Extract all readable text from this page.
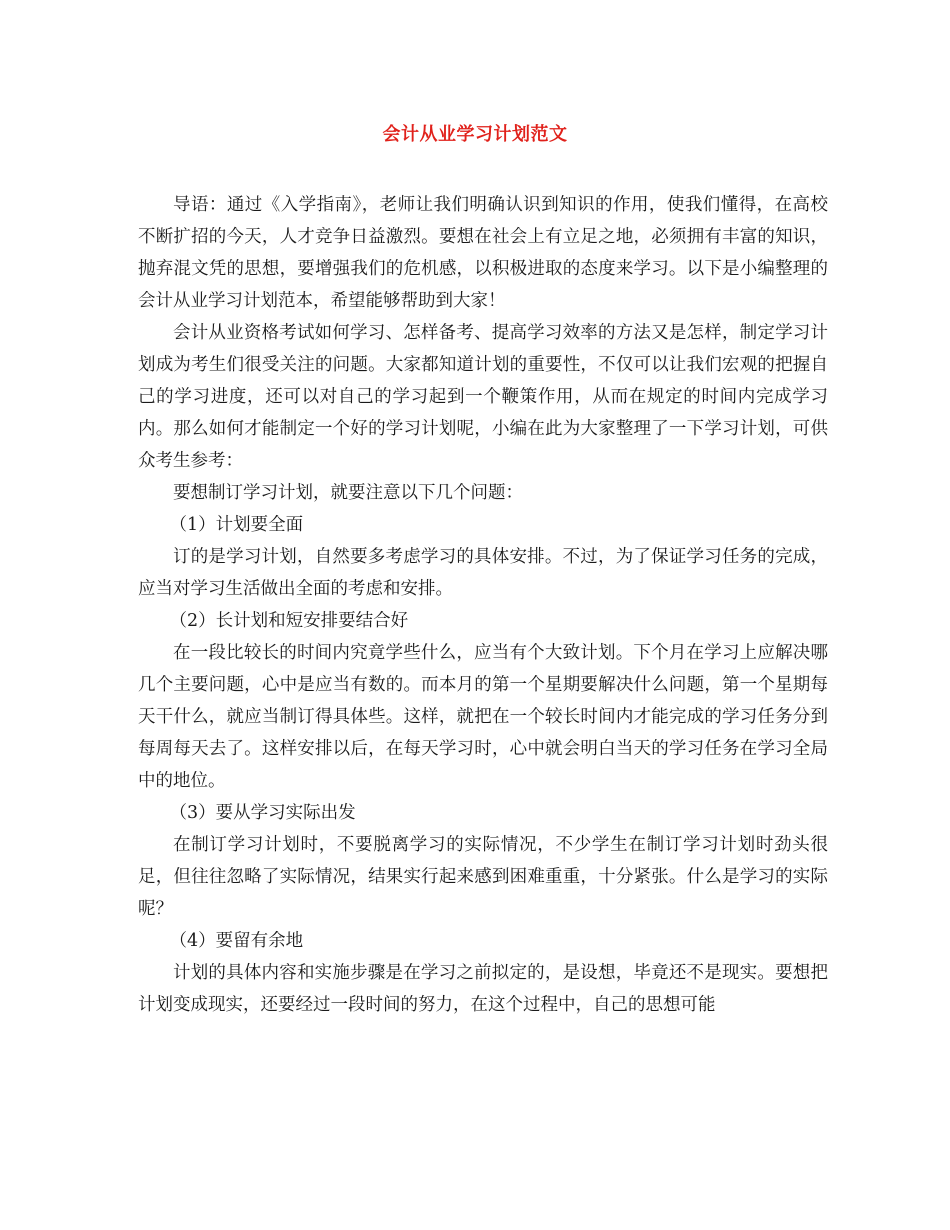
会计从业学习计划范文

导语：通过《入学指南》，老师让我们明确认识到知识的作用，使我们懂得，在高校不断扩招的今天，人才竞争日益激烈。要想在社会上有立足之地，必须拥有丰富的知识，抛弃混文凭的思想，要增强我们的危机感，以积极进取的态度来学习。以下是小编整理的会计从业学习计划范本，希望能够帮助到大家！

会计从业资格考试如何学习、怎样备考、提高学习效率的方法又是怎样，制定学习计划成为考生们很受关注的问题。大家都知道计划的重要性，不仅可以让我们宏观的把握自己的学习进度，还可以对自己的学习起到一个鞭策作用，从而在规定的时间内完成学习内。那么如何才能制定一个好的学习计划呢，小编在此为大家整理了一下学习计划，可供众考生参考：

要想制订学习计划，就要注意以下几个问题：

（1）计划要全面

订的是学习计划，自然要多考虑学习的具体安排。不过，为了保证学习任务的完成，应当对学习生活做出全面的考虑和安排。

（2）长计划和短安排要结合好

在一段比较长的时间内究竟学些什么，应当有个大致计划。下个月在学习上应解决哪几个主要问题，心中是应当有数的。而本月的第一个星期要解决什么问题，第一个星期每天干什么，就应当制订得具体些。这样，就把在一个较长时间内才能完成的学习任务分到每周每天去了。这样安排以后，在每天学习时，心中就会明白当天的学习任务在学习全局中的地位。

（3）要从学习实际出发

在制订学习计划时，不要脱离学习的实际情况，不少学生在制订学习计划时劲头很足，但往往忽略了实际情况，结果实行起来感到困难重重，十分紧张。什么是学习的实际呢？

（4）要留有余地

计划的具体内容和实施步骤是在学习之前拟定的，是设想，毕竟还不是现实。要想把计划变成现实，还要经过一段时间的努力，在这个过程中，自己的思想可能
